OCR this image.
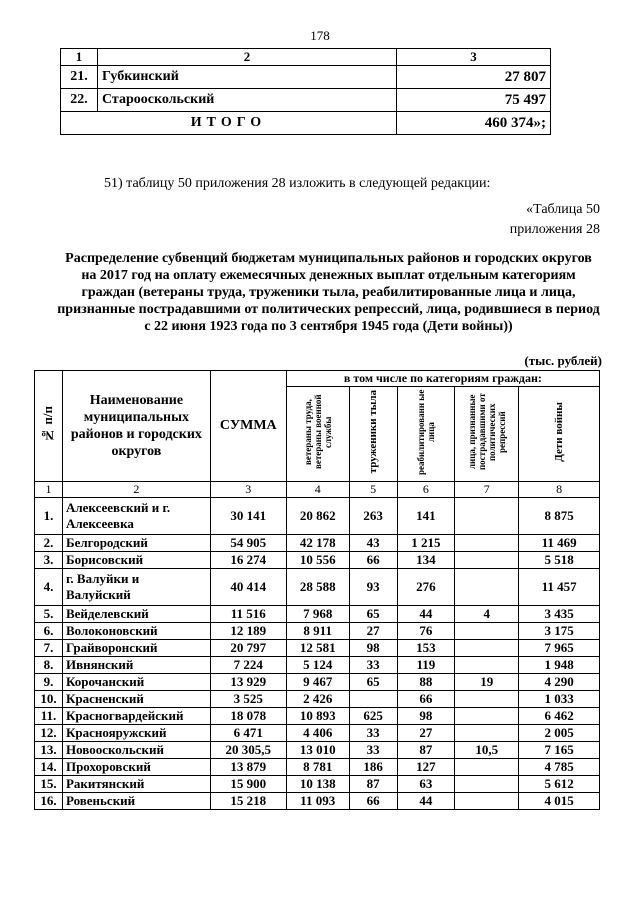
178
1	2	3
21.	Губкинский	27 807
22.	Старооскольский	75 497
ИТОГО		460 374»;
51) таблицу 50 приложения 28 изложить в следующей редакции:
«Таблица 50
приложения 28
Распределение субвенций бюджетам муниципальных районов и городских округов на 2017 год на оплату ежемесячных денежных выплат отдельным категориям граждан (ветераны труда, труженики тыла, реабилитированные лица и лица, признанные пострадавшими от политических репрессий, лица, родившиеся в период с 22 июня 1923 года по 3 сентября 1945 года (Дети войны))
(тыс. рублей)
№ п/п	Наименование муниципальных районов и городских округов	СУММА	в том числе по категориям граждан:				
			ветераны труда, ветераны военной службы	труженики тыла	реабилитированн ые лица	лица, признанные пострадавшими от политических репрессий	Дети войны
1	2	3	4	5	6	7	8
1.	Алексеевский и г. Алексеевка	30 141	20 862	263	141		8 875
2.	Белгородский	54 905	42 178	43	1 215		11 469
3.	Борисовский	16 274	10 556	66	134		5 518
4.	г. Валуйки и Валуйский	40 414	28 588	93	276		11 457
5.	Вейделевский	11 516	7 968	65	44	4	3 435
6.	Волоконовский	12 189	8 911	27	76		3 175
7.	Грайворонский	20 797	12 581	98	153		7 965
8.	Ивнянский	7 224	5 124	33	119		1 948
9.	Корочанский	13 929	9 467	65	88	19	4 290
10.	Красненский	3 525	2 426		66		1 033
11.	Красногвардейский	18 078	10 893	625	98		6 462
12.	Краснояружский	6 471	4 406	33	27		2 005
13.	Новооскольский	20 305,5	13 010	33	87	10,5	7 165
14.	Прохоровский	13 879	8 781	186	127		4 785
15.	Ракитянский	15 900	10 138	87	63		5 612
16.	Ровеньский	15 218	11 093	66	44		4 015
